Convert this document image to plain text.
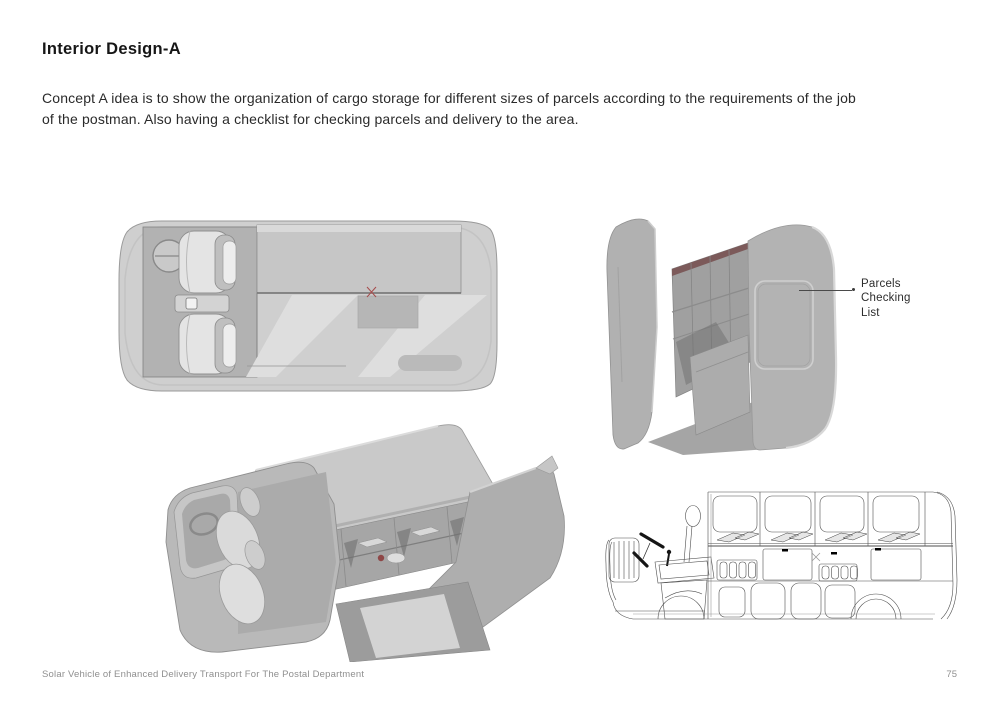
Interior Design-A
Concept A idea is to show the organization of cargo storage for different sizes of parcels according to the requirements of the job
of the postman. Also having a checklist for checking parcels and delivery to the area.
Parcels
Checking
List
Solar Vehicle of Enhanced Delivery Transport For The Postal Department	75
